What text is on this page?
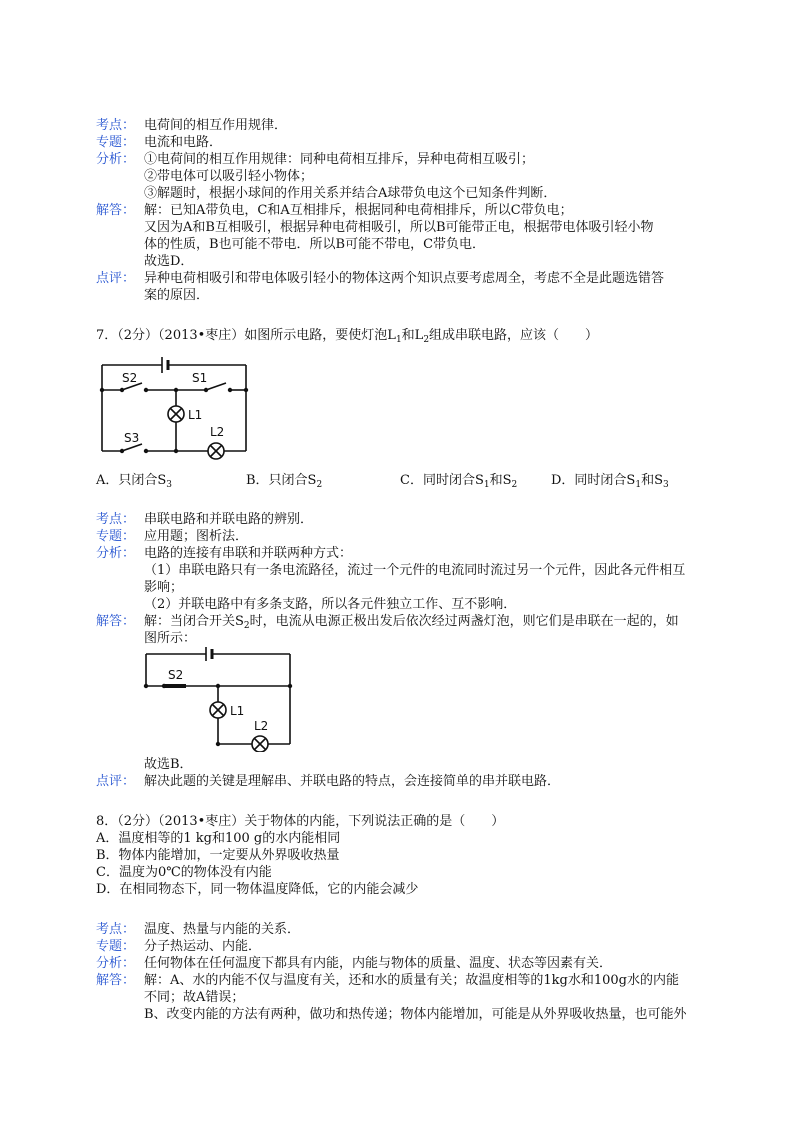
考点： 电荷间的相互作用规律．
专题： 电流和电路．
分析： ①电荷间的相互作用规律：同种电荷相互排斥，异种电荷相互吸引；
②带电体可以吸引轻小物体；
③解题时，根据小球间的作用关系并结合A球带负电这个已知条件判断．
解答： 解：已知A带负电，C和A互相排斥，根据同种电荷相排斥，所以C带负电；
又因为A和B互相吸引，根据异种电荷相吸引，所以B可能带正电，根据带电体吸引轻小物
体的性质，B也可能不带电．所以B可能不带电，C带负电．
故选D．
点评： 异种电荷相吸引和带电体吸引轻小的物体这两个知识点要考虑周全，考虑不全是此题选错答
案的原因．
7．（2分）（2013•枣庄）如图所示电路，要使灯泡$L_1$和$L_2$组成串联电路，应该（　　）
S2	S1
S3
L1
L2
A．只闭合$S_3$	B．只闭合$S_2$	C．同时闭合$S_1$和$S_2$	D．同时闭合$S_1$和$S_3$
考点： 串联电路和并联电路的辨别．
专题： 应用题；图析法．
分析： 电路的连接有串联和并联两种方式：
（1）串联电路只有一条电流路径，流过一个元件的电流同时流过另一个元件，因此各元件相互
影响；
（2）并联电路中有多条支路，所以各元件独立工作、互不影响．
解答： 解：当闭合开关$S_2$时，电流从电源正极出发后依次经过两盏灯泡，则它们是串联在一起的，如
图所示：
S2
L1
L2
故选B．
点评： 解决此题的关键是理解串、并联电路的特点，会连接简单的串并联电路．
8．（2分）（2013•枣庄）关于物体的内能，下列说法正确的是（　　）
A．温度相等的1 kg和100 g的水内能相同
B．物体内能增加，一定要从外界吸收热量
C．温度为0℃的物体没有内能
D．在相同物态下，同一物体温度降低，它的内能会减少
考点： 温度、热量与内能的关系．
专题： 分子热运动、内能．
分析： 任何物体在任何温度下都具有内能，内能与物体的质量、温度、状态等因素有关．
解答： 解：A、水的内能不仅与温度有关，还和水的质量有关；故温度相等的1kg水和100g水的内能
不同；故A错误；
B、改变内能的方法有两种，做功和热传递；物体内能增加，可能是从外界吸收热量，也可能外
